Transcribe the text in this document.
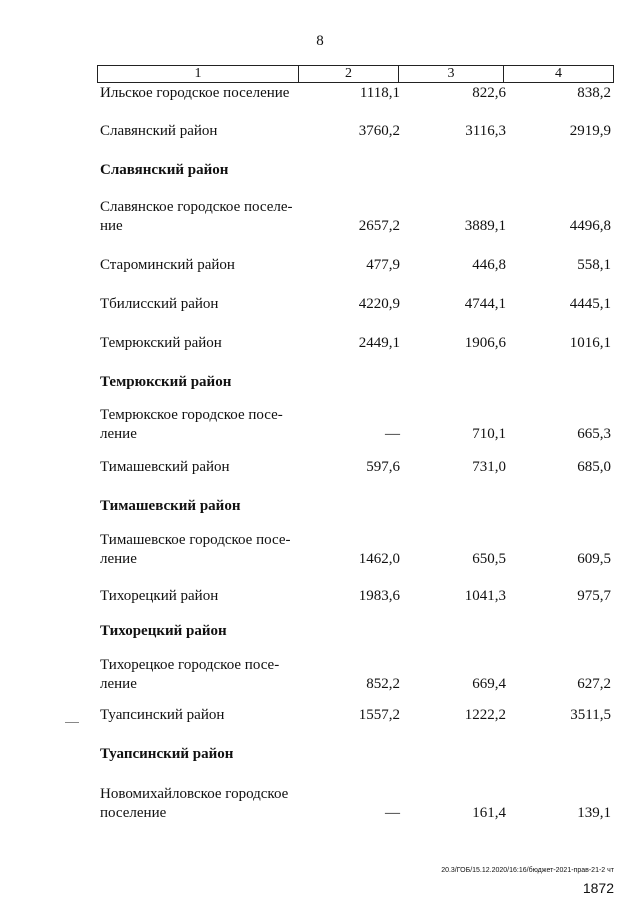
8
1	2	3	4
Ильское городское поселение	1118,1	822,6	838,2
Славянский район	3760,2	3116,3	2919,9
Славянский район
Славянское городское поселе-
ние	2657,2	3889,1	4496,8
Староминский район	477,9	446,8	558,1
Тбилисский район	4220,9	4744,1	4445,1
Темрюкский район	2449,1	1906,6	1016,1
Темрюкский район
Темрюкское городское посе-
ление	—	710,1	665,3
Тимашевский район	597,6	731,0	685,0
Тимашевский район
Тимашевское городское посе-
ление	1462,0	650,5	609,5
Тихорецкий район	1983,6	1041,3	975,7
Тихорецкий район
Тихорецкое городское посе-
ление	852,2	669,4	627,2
Туапсинский район	1557,2	1222,2	3511,5
Туапсинский район
Новомихайловское городское
поселение	—	161,4	139,1
20.3/ГОБ/15.12.2020/16:16/бюджет-2021-прав-21-2 чт
1872
